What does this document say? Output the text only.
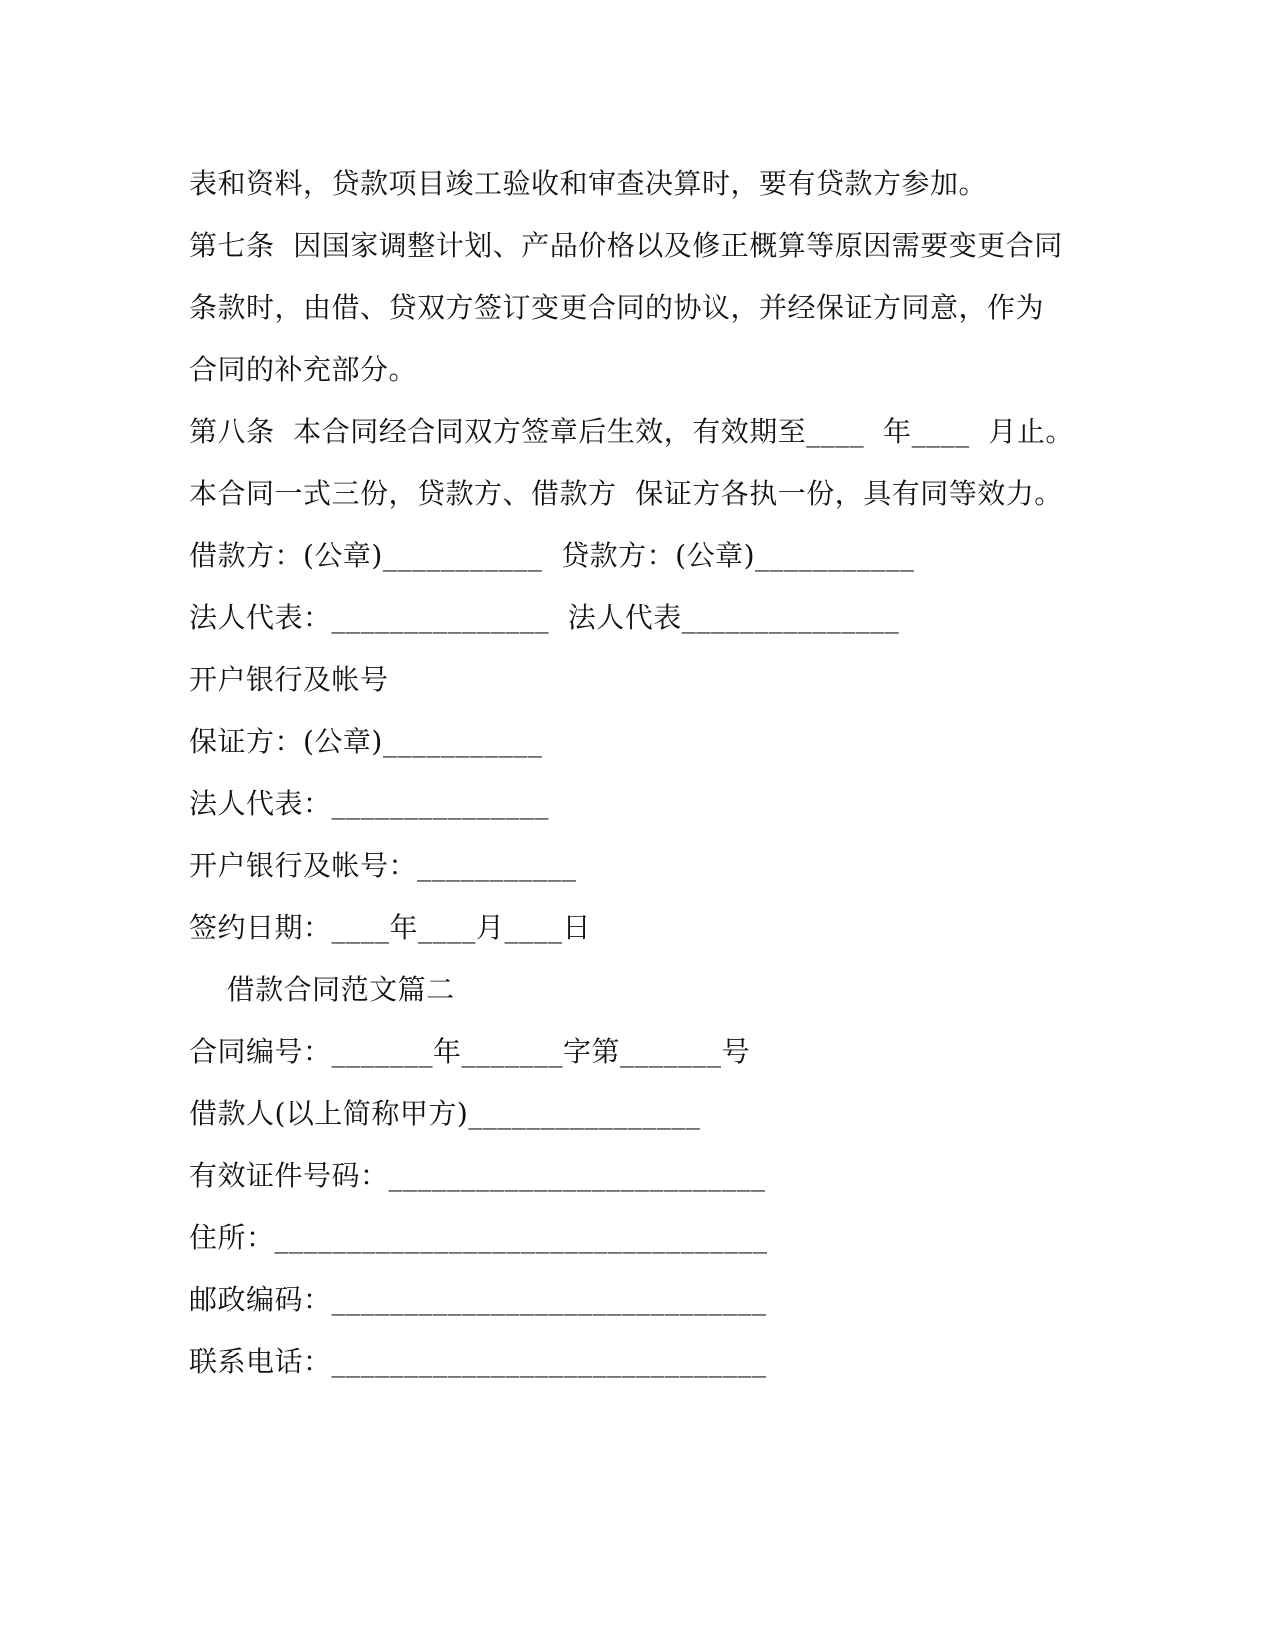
表和资料，贷款项目竣工验收和审查决算时，要有贷款方参加。
第七条  因国家调整计划、产品价格以及修正概算等原因需要变更合同
条款时，由借、贷双方签订变更合同的协议，并经保证方同意，作为
合同的补充部分。
第八条  本合同经合同双方签章后生效，有效期至____  年____  月止。
本合同一式三份，贷款方、借款方  保证方各执一份，具有同等效力。
借款方：(公章)___________  贷款方：(公章)___________
法人代表：_______________  法人代表_______________
开户银行及帐号
保证方：(公章)___________
法人代表：_______________
开户银行及帐号：___________
签约日期：____年____月____日
借款合同范文篇二
合同编号：_______年_______字第_______号
借款人(以上简称甲方)________________
有效证件号码：__________________________
住所：__________________________________
邮政编码：______________________________
联系电话：______________________________
